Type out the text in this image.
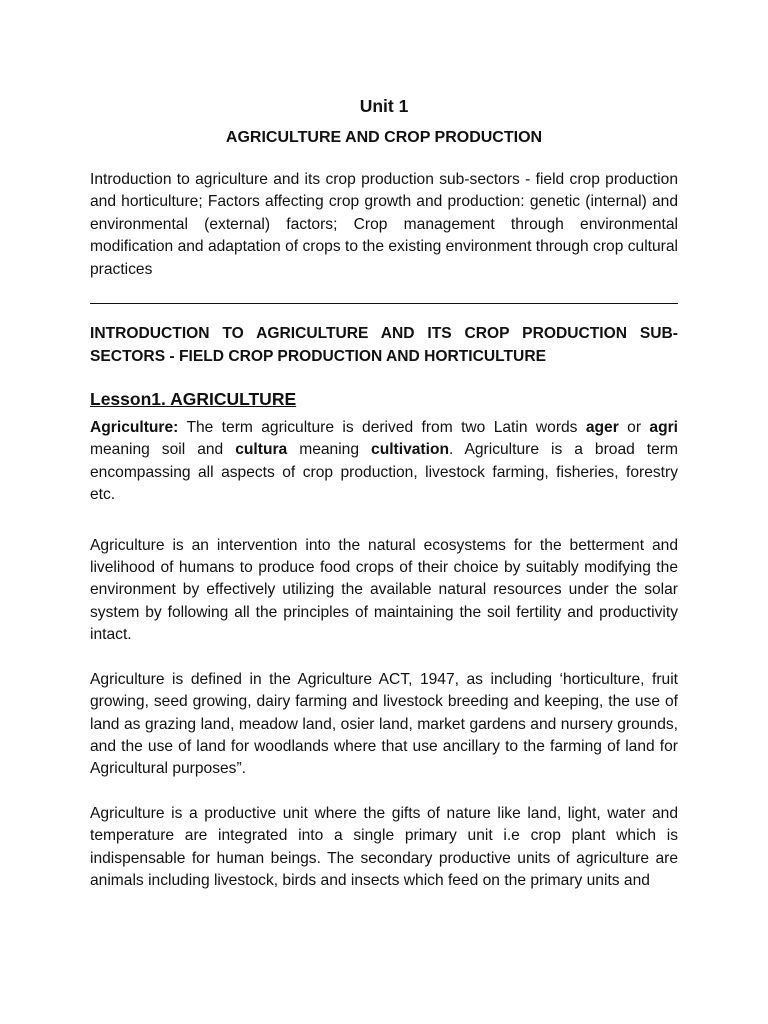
Unit 1
AGRICULTURE AND CROP PRODUCTION

Introduction to agriculture and its crop production sub-sectors - field crop production and horticulture; Factors affecting crop growth and production: genetic (internal) and environmental (external) factors; Crop management through environmental modification and adaptation of crops to the existing environment through crop cultural practices

INTRODUCTION TO AGRICULTURE AND ITS CROP PRODUCTION SUB-SECTORS - FIELD CROP PRODUCTION AND HORTICULTURE
Lesson1. AGRICULTURE

Agriculture: The term agriculture is derived from two Latin words ager or agri meaning soil and cultura meaning cultivation. Agriculture is a broad term encompassing all aspects of crop production, livestock farming, fisheries, forestry etc.

Agriculture is an intervention into the natural ecosystems for the betterment and livelihood of humans to produce food crops of their choice by suitably modifying the environment by effectively utilizing the available natural resources under the solar system by following all the principles of maintaining the soil fertility and productivity intact.

Agriculture is defined in the Agriculture ACT, 1947, as including ‘horticulture, fruit growing, seed growing, dairy farming and livestock breeding and keeping, the use of land as grazing land, meadow land, osier land, market gardens and nursery grounds, and the use of land for woodlands where that use ancillary to the farming of land for Agricultural purposes”.

Agriculture is a productive unit where the gifts of nature like land, light, water and temperature are integrated into a single primary unit i.e crop plant which is indispensable for human beings. The secondary productive units of agriculture are animals including livestock, birds and insects which feed on the primary units and
